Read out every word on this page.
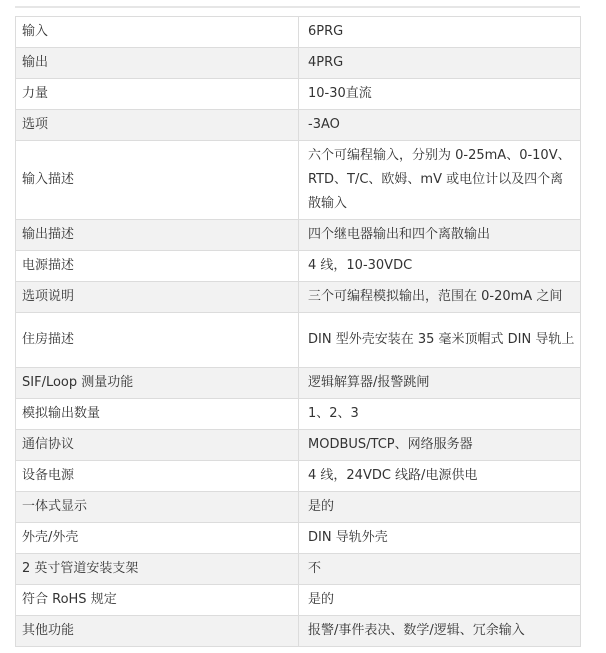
输入	6PRG
输出	4PRG
力量	10-30直流
选项	-3AO
输入描述	六个可编程输入，分别为 0-25mA、0-10V、RTD、T/C、欧姆、mV 或电位计以及四个离散输入
输出描述	四个继电器输出和四个离散输出
电源描述	4 线，10-30VDC
选项说明	三个可编程模拟输出，范围在 0-20mA 之间
住房描述	DIN 型外壳安装在 35 毫米顶帽式 DIN 导轨上
SIF/Loop 测量功能	逻辑解算器/报警跳闸
模拟输出数量	1、2、3
通信协议	MODBUS/TCP、网络服务器
设备电源	4 线，24VDC 线路/电源供电
一体式显示	是的
外壳/外壳	DIN 导轨外壳
2 英寸管道安装支架	不
符合 RoHS 规定	是的
其他功能	报警/事件表决、数学/逻辑、冗余输入
